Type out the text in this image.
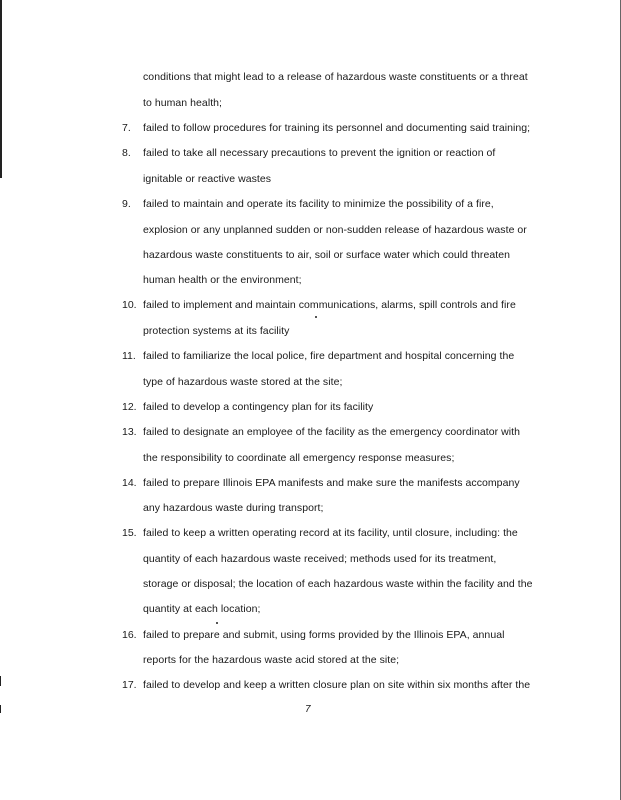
conditions that might lead to a release of hazardous waste constituents or a threat
to human health;
7. failed to follow procedures for training its personnel and documenting said training;
8. failed to take all necessary precautions to prevent the ignition or reaction of
ignitable or reactive wastes
9. failed to maintain and operate its facility to minimize the possibility of a fire,
explosion or any unplanned sudden or non-sudden release of hazardous waste or
hazardous waste constituents to air, soil or surface water which could threaten
human health or the environment;
10. failed to implement and maintain communications, alarms, spill controls and fire
protection systems at its facility
11. failed to familiarize the local police, fire department and hospital concerning the
type of hazardous waste stored at the site;
12. failed to develop a contingency plan for its facility
13. failed to designate an employee of the facility as the emergency coordinator with
the responsibility to coordinate all emergency response measures;
14. failed to prepare Illinois EPA manifests and make sure the manifests accompany
any hazardous waste during transport;
15. failed to keep a written operating record at its facility, until closure, including: the
quantity of each hazardous waste received; methods used for its treatment,
storage or disposal; the location of each hazardous waste within the facility and the
quantity at each location;
16. failed to prepare and submit, using forms provided by the Illinois EPA, annual
reports for the hazardous waste acid stored at the site;
17. failed to develop and keep a written closure plan on site within six months after the
7
